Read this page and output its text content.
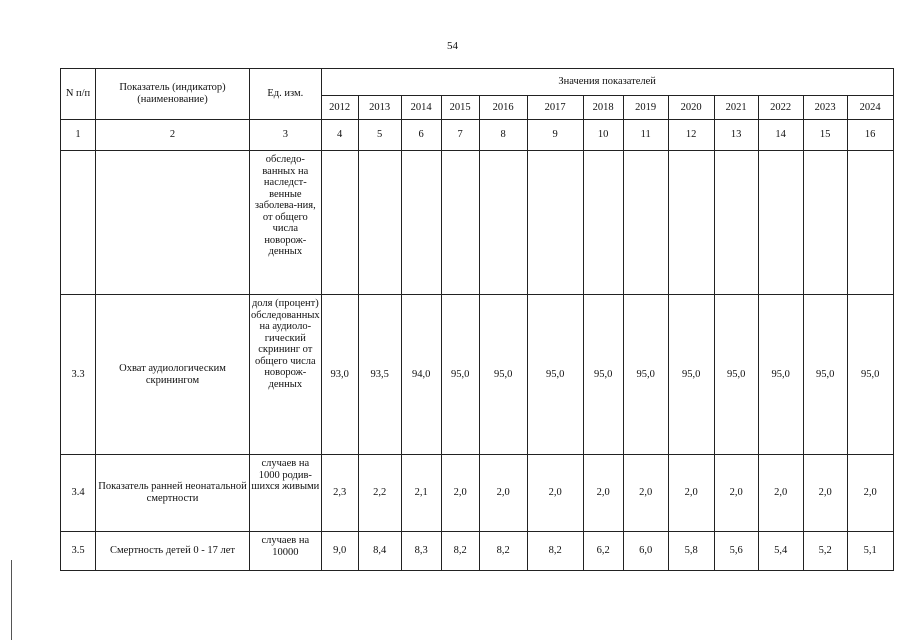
54
N п/п	Показатель (индикатор) (наименование)	Ед. изм.	Значения показателей												
			2012	2013	2014	2015	2016	2017	2018	2019	2020	2021	2022	2023	2024
1	2	3	4	5	6	7	8	9	10	11	12	13	14	15	16
		обследо-ванных на наследст-венные заболева-ния, от общего числа новорож-денных													
3.3	Охват аудиологическим скринингом	доля (процент) обследованных на аудиоло-гический скрининг от общего числа новорож-денных	93,0	93,5	94,0	95,0	95,0	95,0	95,0	95,0	95,0	95,0	95,0	95,0	95,0
3.4	Показатель ранней неонатальной смертности	случаев на 1000 родив-шихся живыми	2,3	2,2	2,1	2,0	2,0	2,0	2,0	2,0	2,0	2,0	2,0	2,0	2,0
3.5	Смертность детей 0 - 17 лет	случаев на 10000	9,0	8,4	8,3	8,2	8,2	8,2	6,2	6,0	5,8	5,6	5,4	5,2	5,1
